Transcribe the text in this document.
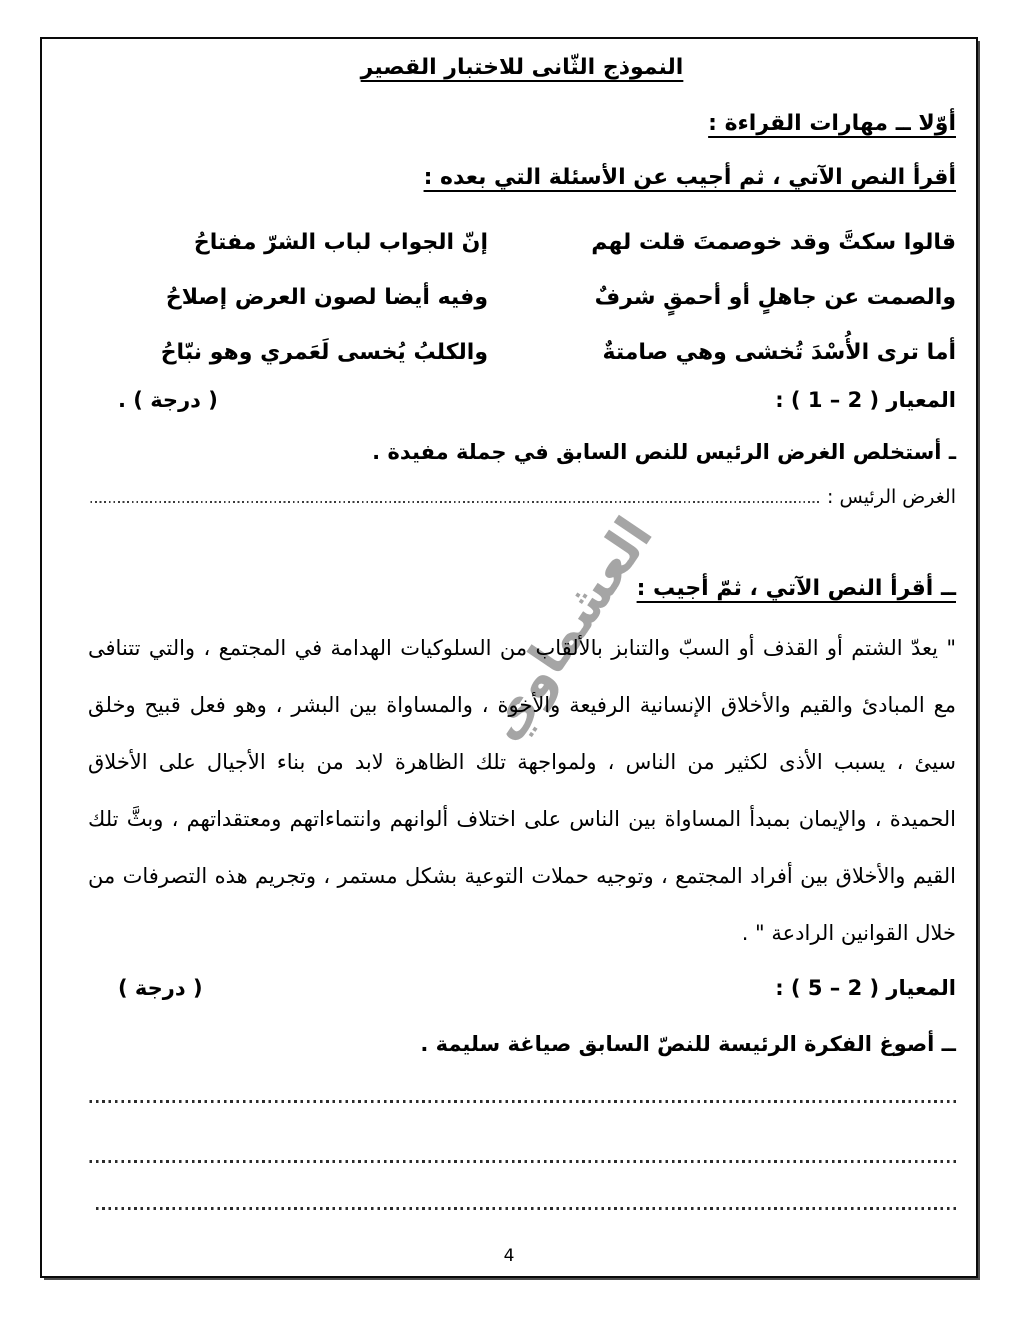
العشماوي
النموذج الثّانى للاختبار القصير
أوّلا ــ مهارات القراءة :
أقرأ النص الآتي ، ثم أجيب عن الأسئلة التي بعده :
قالوا سكتَّ وقد خوصمتَ قلت لهم
إنّ الجواب لباب الشرّ مفتاحُ
والصمت عن جاهلٍ أو أحمقٍ شرفٌ
وفيه أيضا لصون العرض إصلاحُ
أما ترى الأُسْدَ تُخشى وهي صامتةٌ
والكلبُ يُخسى لَعَمري وهو نبّاحُ
المعيار ( 2 – 1 ) :
( درجة ) .
ـ أستخلص الغرض الرئيس للنص السابق في جملة مفيدة .
الغرض الرئيس :
ــ أقرأ النص الآتي ، ثمّ أجيب :
" يعدّ الشتم أو القذف أو السبّ والتنابز بالألقاب من السلوكيات الهدامة في المجتمع ، والتي تتنافى مع المبادئ والقيم والأخلاق الإنسانية الرفيعة والأخوة ، والمساواة بين البشر ، وهو فعل قبيح وخلق سيئ ، يسبب الأذى لكثير من الناس ، ولمواجهة تلك الظاهرة لابد من بناء الأجيال على الأخلاق الحميدة ، والإيمان بمبدأ المساواة بين الناس على اختلاف ألوانهم وانتماءاتهم ومعتقداتهم ، وبثَّ تلك القيم والأخلاق بين أفراد المجتمع ، وتوجيه حملات التوعية بشكل مستمر ، وتجريم هذه التصرفات من خلال القوانين الرادعة " .
المعيار ( 2 – 5 ) :
( درجة )
ــ أصوغ الفكرة الرئيسة للنصّ السابق صياغة سليمة .
4
